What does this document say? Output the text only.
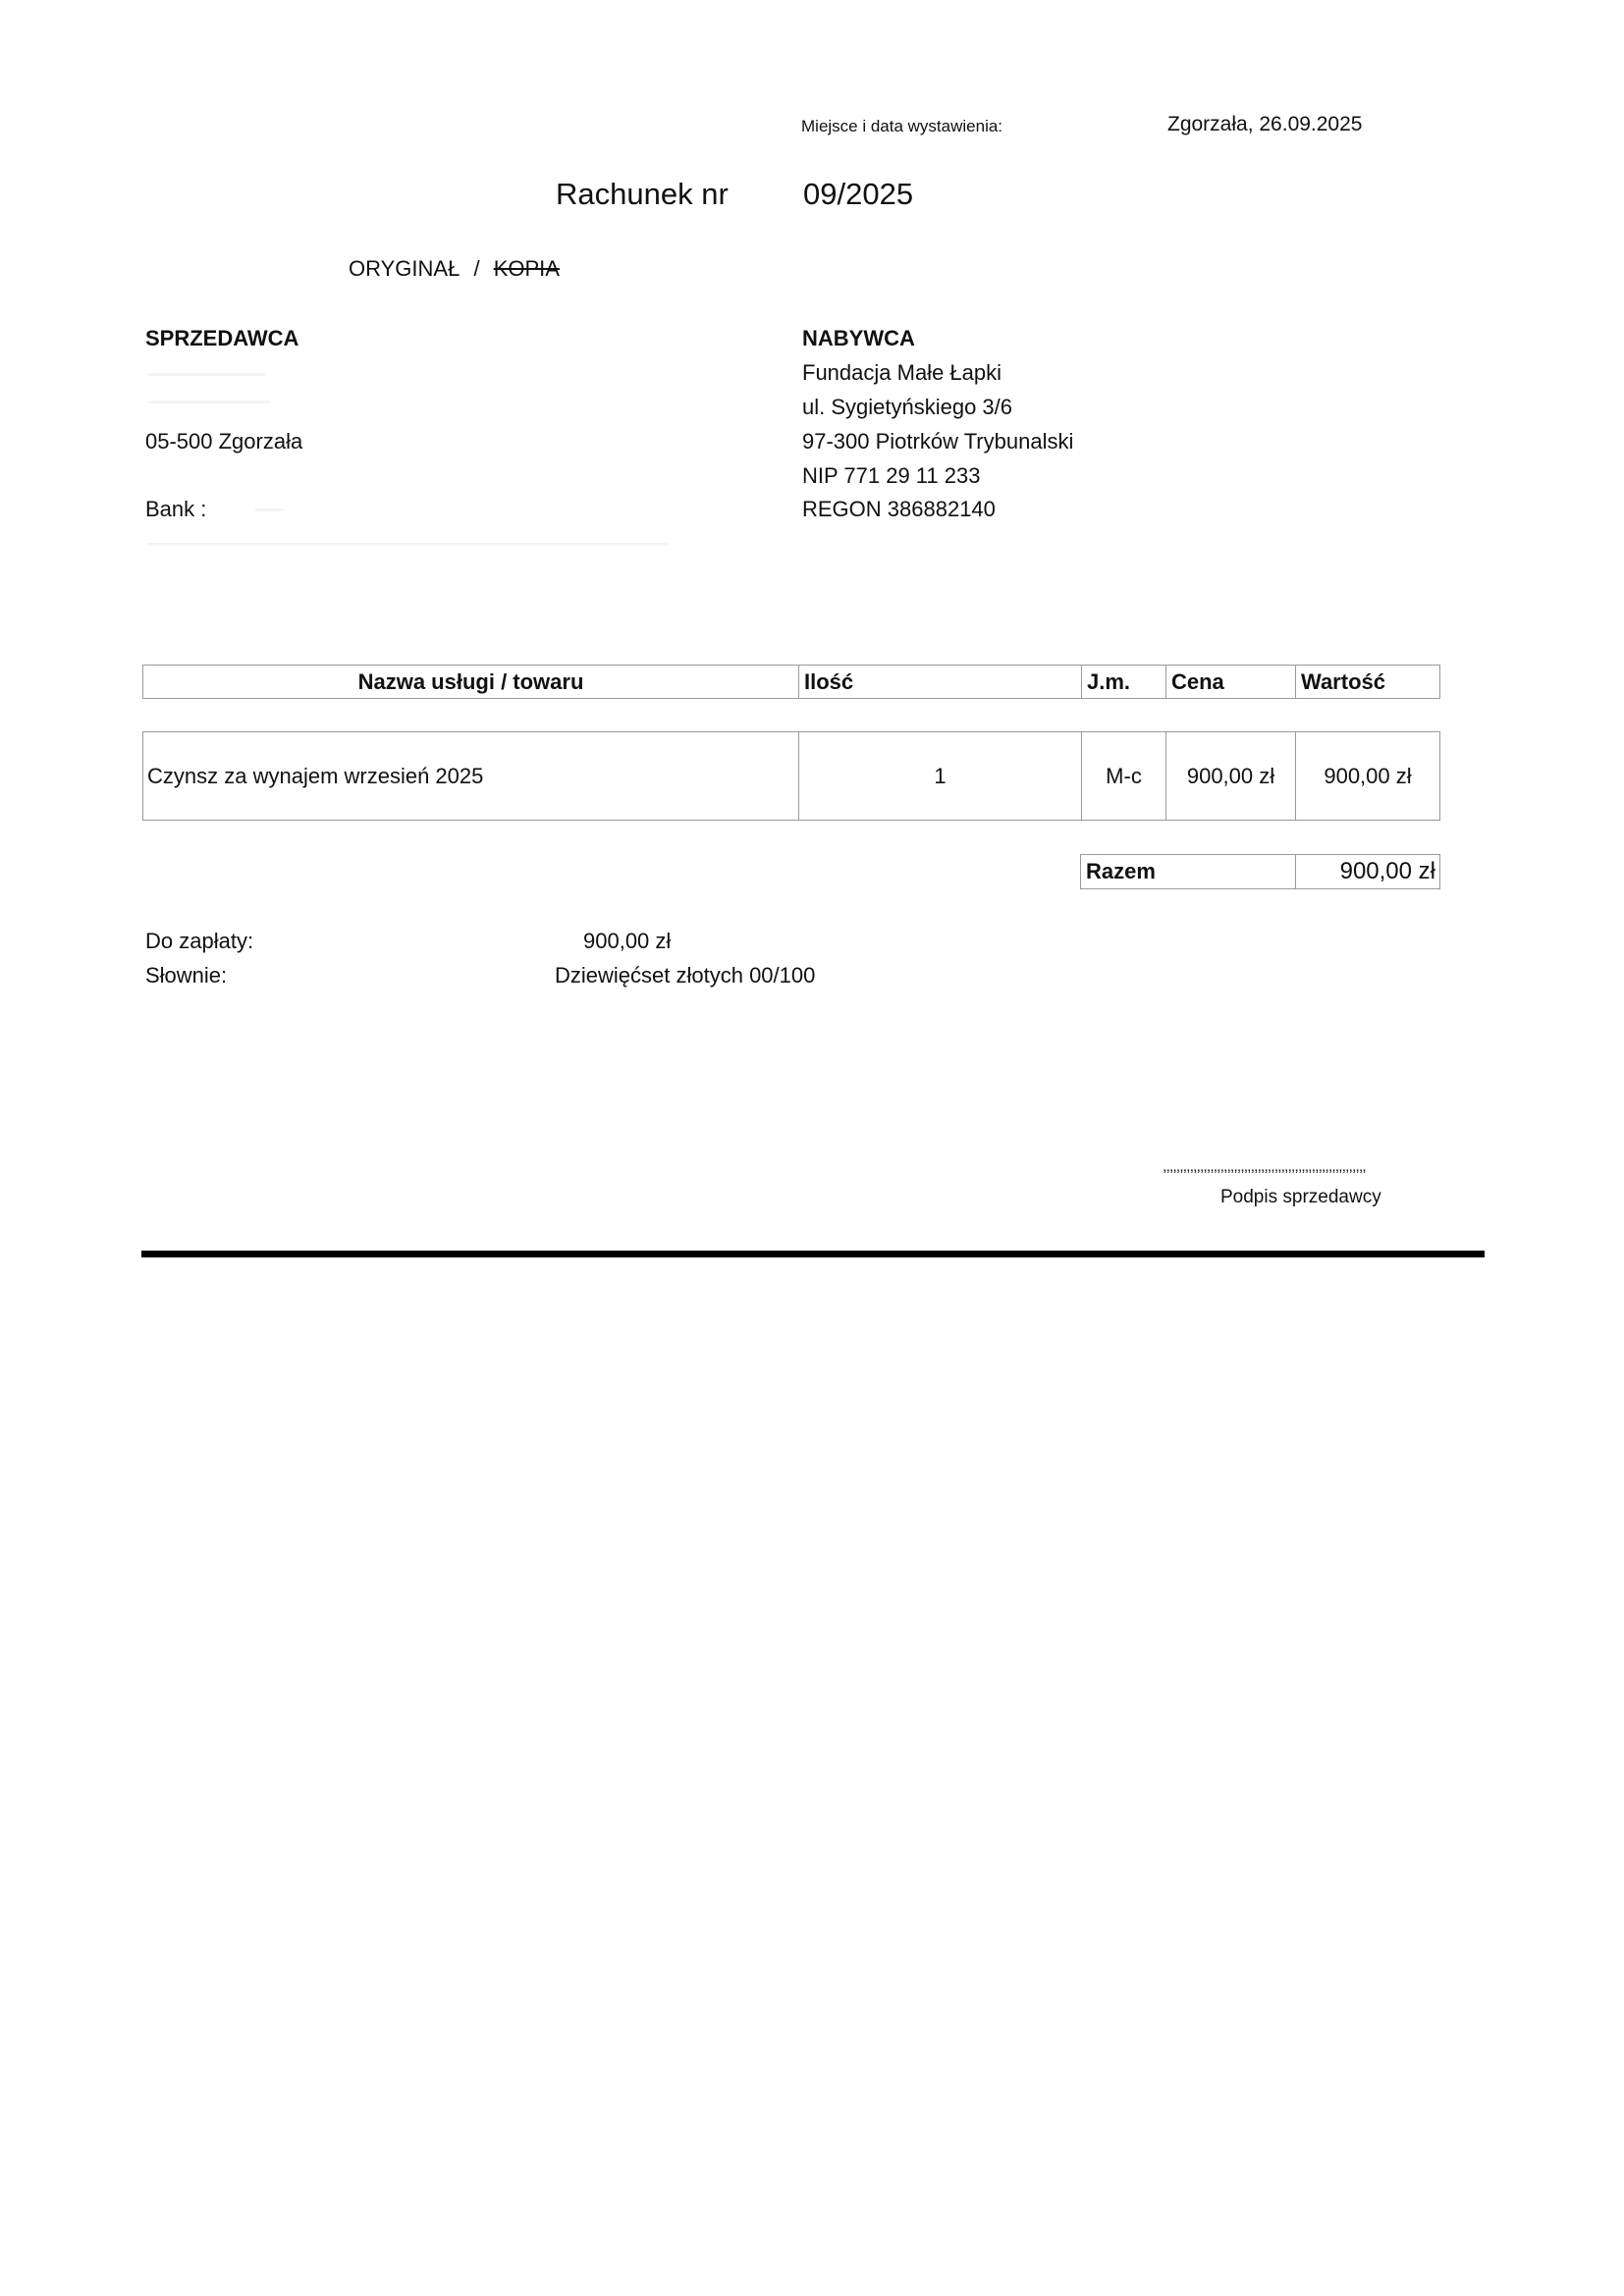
Miejsce i data wystawienia:	Zgorzała, 26.09.2025
Rachunek nr 09/2025
ORYGINAŁ / KOPIA
SPRZEDAWCA
05-500 Zgorzała
Bank :
NABYWCA
Fundacja Małe Łapki
ul. Sygietyńskiego 3/6
97-300 Piotrków Trybunalski
NIP 771 29 11 233
REGON 386882140
Nazwa usługi / towaru	Ilość	J.m.	Cena	Wartość
Czynsz za wynajem wrzesień 2025	1	M-c	900,00 zł	900,00 zł
Razem	900,00 zł
Do zapłaty:	900,00 zł
Słownie:	Dziewięćset złotych 00/100
,,,,,,,,,,,,,,,,,,,,,,,,,,,,,,,,,,,,,,,,,,,,,,,,,,,,,,,,,,,,
Podpis sprzedawcy
